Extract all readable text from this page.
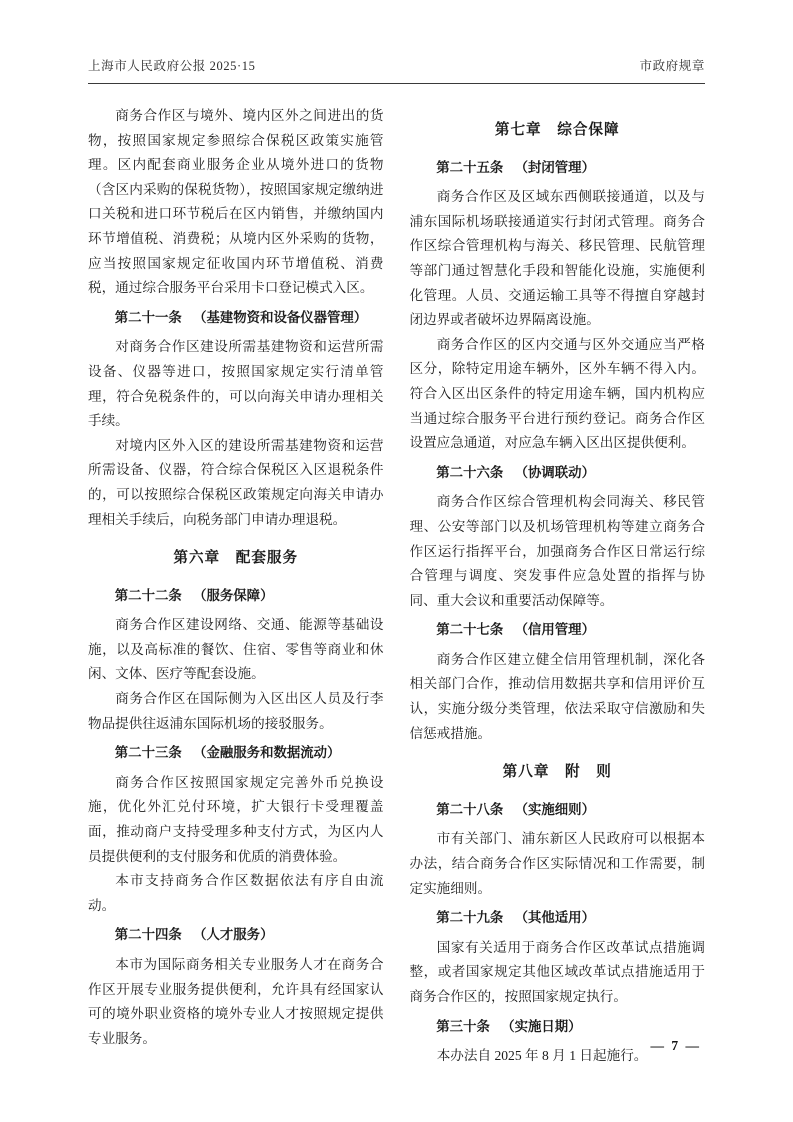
上海市人民政府公报 2025·15	市政府规章

商务合作区与境外、境内区外之间进出的货物，按照国家规定参照综合保税区政策实施管理。区内配套商业服务企业从境外进口的货物（含区内采购的保税货物），按照国家规定缴纳进口关税和进口环节税后在区内销售，并缴纳国内环节增值税、消费税；从境内区外采购的货物，应当按照国家规定征收国内环节增值税、消费税，通过综合服务平台采用卡口登记模式入区。

第二十一条 （基建物资和设备仪器管理）

对商务合作区建设所需基建物资和运营所需设备、仪器等进口，按照国家规定实行清单管理，符合免税条件的，可以向海关申请办理相关手续。

对境内区外入区的建设所需基建物资和运营所需设备、仪器，符合综合保税区入区退税条件的，可以按照综合保税区政策规定向海关申请办理相关手续后，向税务部门申请办理退税。

第六章　配套服务

第二十二条 （服务保障）

商务合作区建设网络、交通、能源等基础设施，以及高标准的餐饮、住宿、零售等商业和休闲、文体、医疗等配套设施。

商务合作区在国际侧为入区出区人员及行李物品提供往返浦东国际机场的接驳服务。

第二十三条 （金融服务和数据流动）

商务合作区按照国家规定完善外币兑换设施，优化外汇兑付环境，扩大银行卡受理覆盖面，推动商户支持受理多种支付方式，为区内人员提供便利的支付服务和优质的消费体验。

本市支持商务合作区数据依法有序自由流动。

第二十四条 （人才服务）

本市为国际商务相关专业服务人才在商务合作区开展专业服务提供便利，允许具有经国家认可的境外职业资格的境外专业人才按照规定提供专业服务。

第七章　综合保障

第二十五条 （封闭管理）

商务合作区及区域东西侧联接通道，以及与浦东国际机场联接通道实行封闭式管理。商务合作区综合管理机构与海关、移民管理、民航管理等部门通过智慧化手段和智能化设施，实施便利化管理。人员、交通运输工具等不得擅自穿越封闭边界或者破坏边界隔离设施。

商务合作区的区内交通与区外交通应当严格区分，除特定用途车辆外，区外车辆不得入内。符合入区出区条件的特定用途车辆，国内机构应当通过综合服务平台进行预约登记。商务合作区设置应急通道，对应急车辆入区出区提供便利。

第二十六条 （协调联动）

商务合作区综合管理机构会同海关、移民管理、公安等部门以及机场管理机构等建立商务合作区运行指挥平台，加强商务合作区日常运行综合管理与调度、突发事件应急处置的指挥与协同、重大会议和重要活动保障等。

第二十七条 （信用管理）

商务合作区建立健全信用管理机制，深化各相关部门合作，推动信用数据共享和信用评价互认，实施分级分类管理，依法采取守信激励和失信惩戒措施。

第八章　附　则

第二十八条 （实施细则）

市有关部门、浦东新区人民政府可以根据本办法，结合商务合作区实际情况和工作需要，制定实施细则。

第二十九条 （其他适用）

国家有关适用于商务合作区改革试点措施调整，或者国家规定其他区域改革试点措施适用于商务合作区的，按照国家规定执行。

第三十条 （实施日期）

本办法自 2025 年 8 月 1 日起施行。

— 7 —
